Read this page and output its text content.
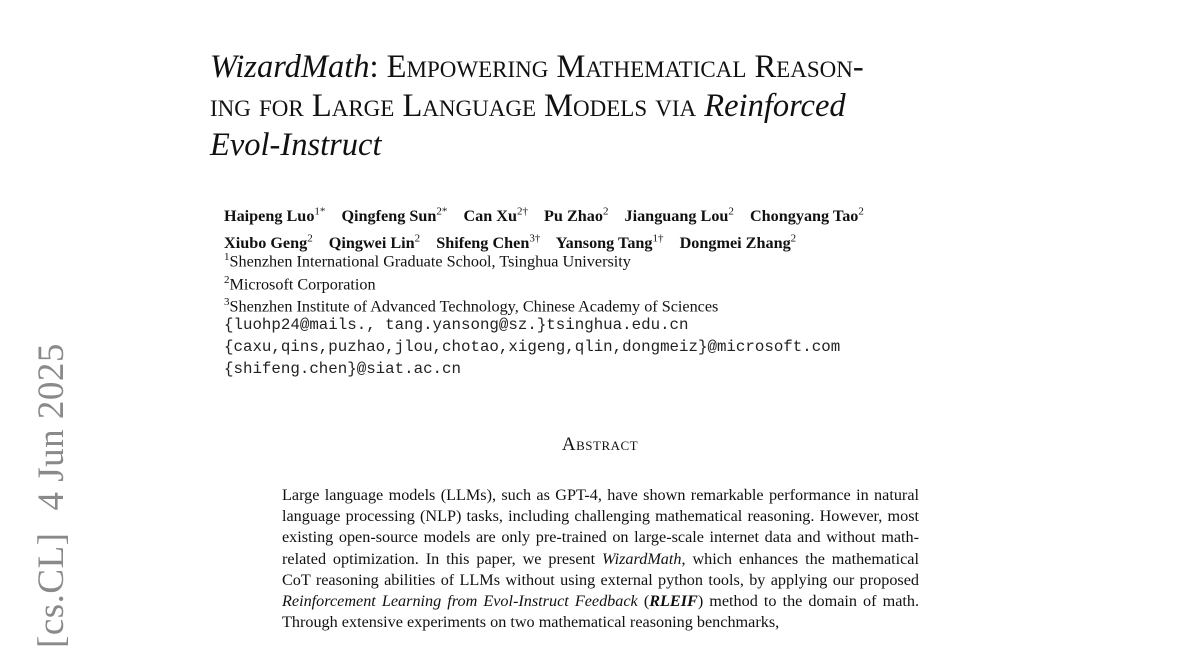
[cs.CL]4 Jun 2025
WizardMath: Empowering Mathematical Reason-
ing for Large Language Models via Reinforced
Evol-Instruct
Haipeng Luo$^{1*}$ Qingfeng Sun$^{2*}$ Can $Xu^{2\dagger}$ Pu Zhao$^2$ Jianguang Lou$^2$ Chongyang Tao$^2$
Xiubo Geng$^2$ Qingwei Lin$^2$ Shifeng Chen$^{3\dagger}$ Yansong Tang$^{1\dagger}$ Dongmei Zhang$^2$
$^1$Shenzhen International Graduate School, Tsinghua University
$^2$Microsoft Corporation
$^3$Shenzhen Institute of Advanced Technology, Chinese Academy of Sciences
{luohp24@mails., tang.yansong@sz.}tsinghua.edu.cn
{caxu,qins,puzhao,jlou,chotao,xigeng,qlin,dongmeiz}@microsoft.com
{shifeng.chen}@siat.ac.cn
Abstract
Large language models (LLMs), such as GPT-4, have shown remarkable performance in natural language processing (NLP) tasks, including challenging mathematical reasoning. However, most existing open-source models are only pre-trained on large-scale internet data and without math-related optimization. In this paper, we present WizardMath, which enhances the mathematical CoT reasoning abilities of LLMs without using external python tools, by applying our proposed Reinforcement Learning from Evol-Instruct Feedback (RLEIF) method to the domain of math. Through extensive experiments on two mathematical reasoning benchmarks,
